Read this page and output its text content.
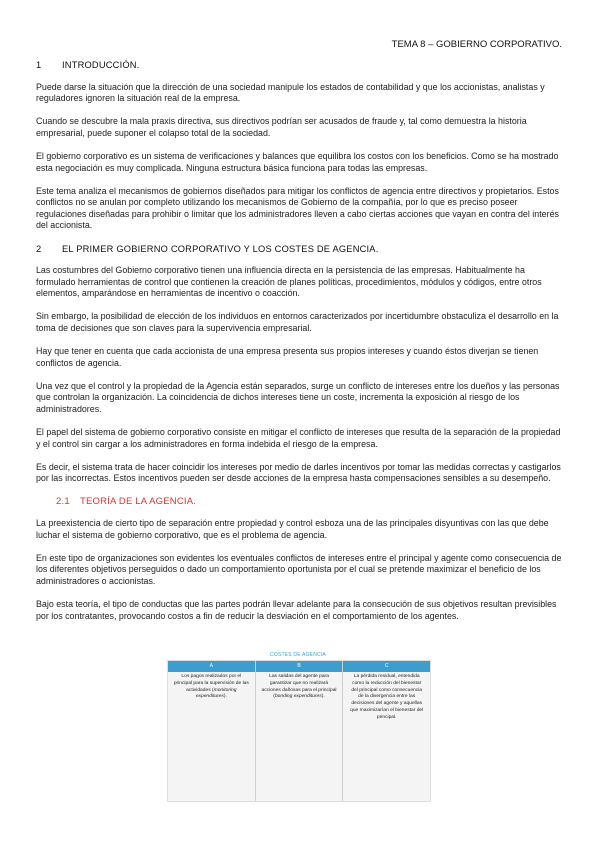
TEMA 8 – GOBIERNO CORPORATIVO.
1 INTRODUCCIÓN.

Puede darse la situación que la dirección de una sociedad manipule los estados de contabilidad y que los accionistas, analistas y reguladores ignoren la situación real de la empresa.

Cuando se descubre la mala praxis directiva, sus directivos podrían ser acusados de fraude y, tal como demuestra la historia empresarial, puede suponer el colapso total de la sociedad.

El gobierno corporativo es un sistema de verificaciones y balances que equilibra los costos con los beneficios. Como se ha mostrado esta negociación es muy complicada. Ninguna estructura básica funciona para todas las empresas.

Este tema analiza el mecanismos de gobiernos diseñados para mitigar los conflictos de agencia entre directivos y propietarios. Estos conflictos no se anulan por completo utilizando los mecanismos de Gobierno de la compañía, por lo que es preciso poseer regulaciones diseñadas para prohibir o limitar que los administradores lleven a cabo ciertas acciones que vayan en contra del interés del accionista.

2 EL PRIMER GOBIERNO CORPORATIVO Y LOS COSTES DE AGENCIA.

Las costumbres del Gobierno corporativo tienen una influencia directa en la persistencia de las empresas. Habitualmente ha formulado herramientas de control que contienen la creación de planes políticas, procedimientos, módulos y códigos, entre otros elementos, amparándose en herramientas de incentivo o coacción.

Sin embargo, la posibilidad de elección de los individuos en entornos caracterizados por incertidumbre obstaculiza el desarrollo en la toma de decisiones que son claves para la supervivencia empresarial.

Hay que tener en cuenta que cada accionista de una empresa presenta sus propios intereses y cuando éstos diverjan se tienen conflictos de agencia.

Una vez que el control y la propiedad de la Agencia están separados, surge un conflicto de intereses entre los dueños y las personas que controlan la organización. La coincidencia de dichos intereses tiene un coste, incrementa la exposición al riesgo de los administradores.

El papel del sistema de gobierno corporativo consiste en mitigar el conflicto de intereses que resulta de la separación de la propiedad y el control sin cargar a los administradores en forma indebida el riesgo de la empresa.

Es decir, el sistema trata de hacer coincidir los intereses por medio de darles incentivos por tomar las medidas correctas y castigarlos por las incorrectas. Estos incentivos pueden ser desde acciones de la empresa hasta compensaciones sensibles a su desempeño.

2.1 TEORÍA DE LA AGENCIA.

La preexistencia de cierto tipo de separación entre propiedad y control esboza una de las principales disyuntivas con las que debe luchar el sistema de gobierno corporativo, que es el problema de agencia.

En este tipo de organizaciones son evidentes los eventuales conflictos de intereses entre el principal y agente como consecuencia de los diferentes objetivos perseguidos o dado un comportamiento oportunista por el cual se pretende maximizar el beneficio de los administradores o accionistas.

Bajo esta teoría, el tipo de conductas que las partes podrán llevar adelante para la consecución de sus objetivos resultan previsibles por los contratantes, provocando costos a fin de reducir la desviación en el comportamiento de los agentes.

COSTES DE AGENCIA
A
Los pagos realizados por el principal para la supervisión de las actividades (monitoring expenditures).
B
Las salidas del agente para garantizar que no realizará acciones dañosas para el principal (bonding expenditures).
C
La pérdida residual, entendida como la reducción del bienestar del principal como consecuencia de la divergencia entre las decisiones del agente y aquellas que maximizarían el bienestar del principal.
